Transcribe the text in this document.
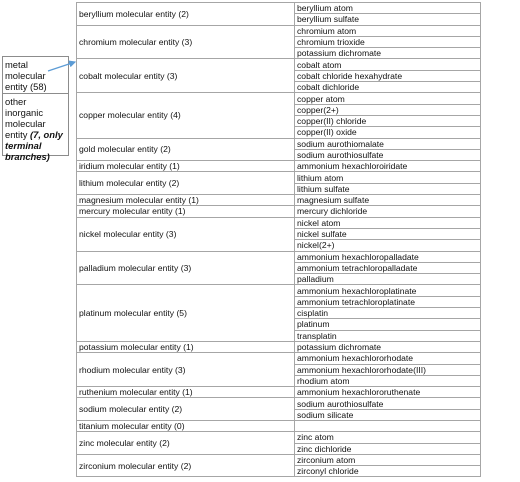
metal molecular entity (58)
other inorganic molecular entity (7, only terminal branches)
beryllium molecular entity (2)	beryllium atom
	beryllium sulfate
chromium molecular entity (3)	chromium atom
	chromium trioxide
	potassium dichromate
cobalt molecular entity (3)	cobalt atom
	cobalt chloride hexahydrate
	cobalt dichloride
copper molecular entity (4)	copper atom
	copper(2+)
	copper(II) chloride
	copper(II) oxide
gold molecular entity (2)	sodium aurothiomalate
	sodium aurothiosulfate
iridium molecular entity (1)	ammonium hexachloroiridate
lithium molecular entity (2)	lithium atom
	lithium sulfate
magnesium molecular entity (1)	magnesium sulfate
mercury molecular entity (1)	mercury dichloride
nickel molecular entity (3)	nickel atom
	nickel sulfate
	nickel(2+)
palladium molecular entity (3)	ammonium hexachloropalladate
	ammonium tetrachloropalladate
	palladium
platinum molecular entity (5)	ammonium hexachloroplatinate
	ammonium tetrachloroplatinate
	cisplatin
	platinum
	transplatin
potassium molecular entity (1)	potassium dichromate
rhodium molecular entity (3)	ammonium hexachlororhodate
	ammonium hexachlororhodate(III)
	rhodium atom
ruthenium molecular entity (1)	ammonium hexachlororuthenate
sodium molecular entity (2)	sodium aurothiosulfate
	sodium silicate
titanium molecular entity (0)	
zinc molecular entity (2)	zinc atom
	zinc dichloride
zirconium molecular entity (2)	zirconium atom
	zirconyl chloride
